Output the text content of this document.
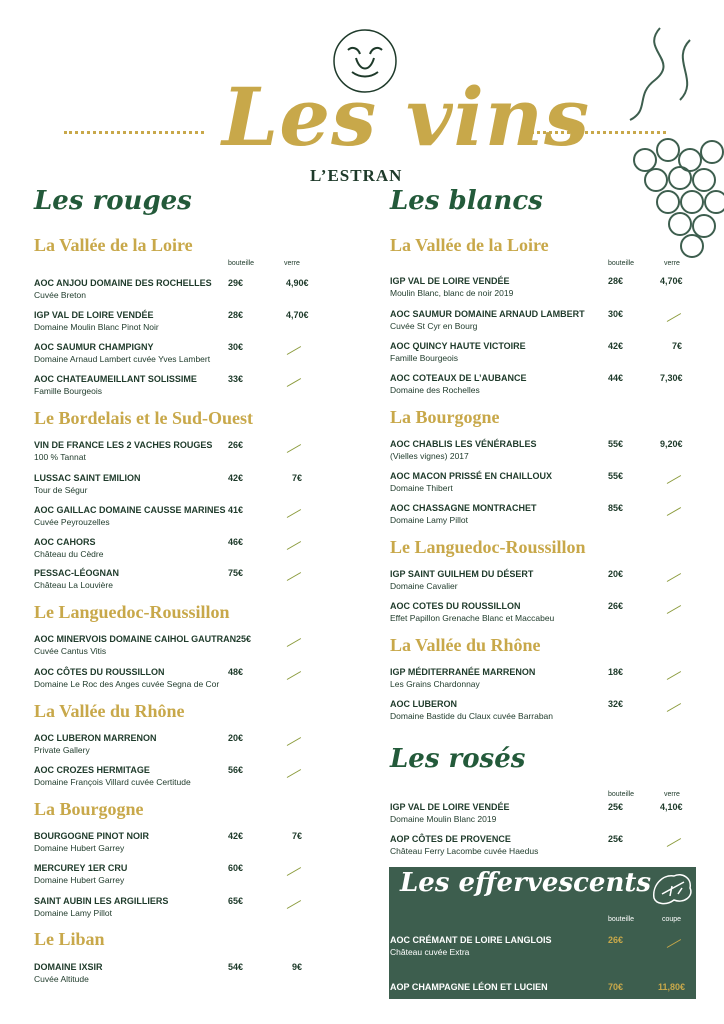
Les vins
L’ESTRAN
Les rouges
La Vallée de la Loire
bouteille	verre
AOC ANJOU DOMAINE DES ROCHELLES
Cuvée Breton
29€	4,90€
IGP VAL DE LOIRE VENDÉE
Domaine Moulin Blanc Pinot Noir
28€	4,70€
AOC SAUMUR CHAMPIGNY
Domaine Arnaud Lambert cuvée Yves Lambert
30€
AOC CHATEAUMEILLANT SOLISSIME
Famille Bourgeois
33€
Le Bordelais et le Sud-Ouest
VIN DE FRANCE LES 2 VACHES ROUGES
100 % Tannat
26€
LUSSAC SAINT EMILION
Tour de Ségur
42€	7€
AOC GAILLAC DOMAINE CAUSSE MARINES
Cuvée Peyrouzelles
41€
AOC CAHORS
Château du Cèdre
46€
PESSAC-LÉOGNAN
Château La Louvière
75€
Le Languedoc-Roussillon
AOC MINERVOIS DOMAINE CAIHOL GAUTRAN
Cuvée Cantus Vitis
25€
AOC CÔTES DU ROUSSILLON
Domaine Le Roc des Anges cuvée Segna de Cor
48€
La Vallée du Rhône
AOC LUBERON MARRENON
Private Gallery
20€
AOC CROZES HERMITAGE
Domaine François Villard cuvée Certitude
56€
La Bourgogne
BOURGOGNE PINOT NOIR
Domaine Hubert Garrey
42€	7€
MERCUREY 1ER CRU
Domaine Hubert Garrey
60€
SAINT AUBIN LES ARGILLIERS
Domaine Lamy Pillot
65€
Le Liban
DOMAINE IXSIR
Cuvée Altitude
54€	9€
Les blancs
La Vallée de la Loire
bouteille	verre
IGP VAL DE LOIRE VENDÉE
Moulin Blanc, blanc de noir 2019
28€	4,70€
AOC SAUMUR DOMAINE ARNAUD LAMBERT
Cuvée St Cyr en Bourg
30€
AOC QUINCY HAUTE VICTOIRE
Famille Bourgeois
42€	7€
AOC COTEAUX DE L’AUBANCE
Domaine des Rochelles
44€	7,30€
La Bourgogne
AOC CHABLIS LES VÉNÉRABLES
(Vielles vignes) 2017
55€	9,20€
AOC MACON PRISSÉ EN CHAILLOUX
Domaine Thibert
55€
AOC CHASSAGNE MONTRACHET
Domaine Lamy Pillot
85€
Le Languedoc-Roussillon
IGP SAINT GUILHEM DU DÉSERT
Domaine Cavalier
20€
AOC COTES DU ROUSSILLON
Effet Papillon Grenache Blanc et Maccabeu
26€
La Vallée du Rhône
IGP MÉDITERRANÉE MARRENON
Les Grains Chardonnay
18€
AOC LUBERON
Domaine Bastide du Claux cuvée Barraban
32€
Les rosés
bouteille	verre
IGP VAL DE LOIRE VENDÉE
Domaine Moulin Blanc 2019
25€	4,10€
AOP CÔTES DE PROVENCE
Château Ferry Lacombe cuvée Haedus
25€
Les effervescents
bouteille	coupe
AOC CRÉMANT DE LOIRE LANGLOIS
Château cuvée Extra
26€
AOP CHAMPAGNE LÉON ET LUCIEN	70€	11,80€
